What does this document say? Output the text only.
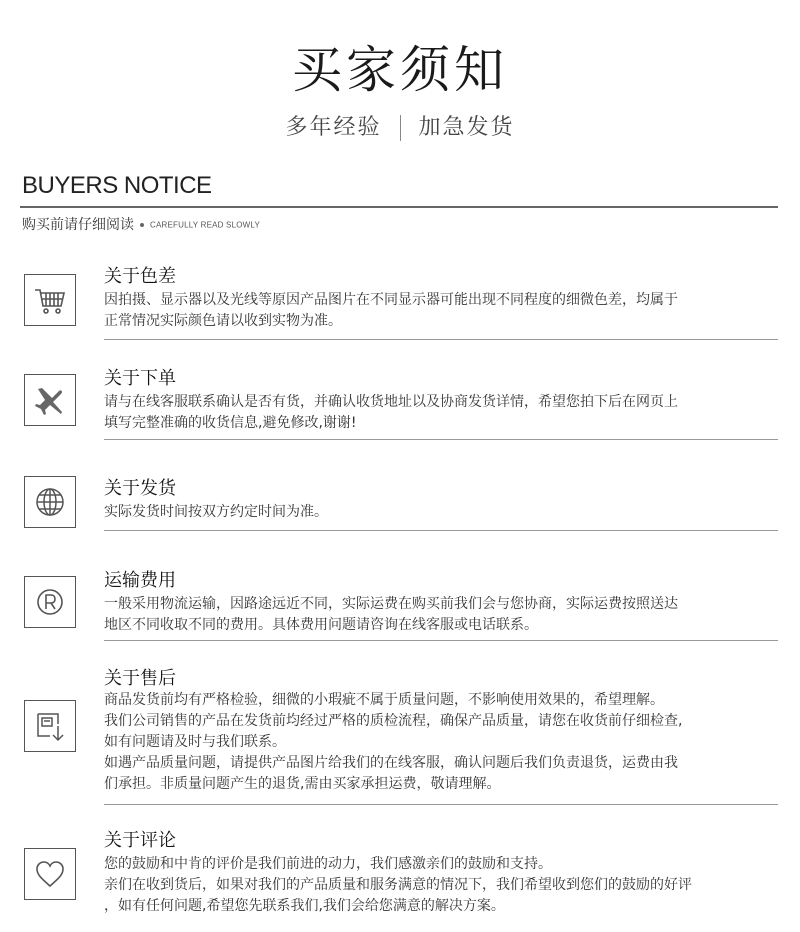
买家须知
多年经验 加急发货
BUYERS NOTICE
购买前请仔细阅读 CAREFULLY READ SLOWLY
关于色差
因拍摄、显示器以及光线等原因产品图片在不同显示器可能出现不同程度的细微色差，均属于
正常情况实际颜色请以收到实物为准。
关于下单
请与在线客服联系确认是否有货，并确认收货地址以及协商发货详情，希望您拍下后在网页上
填写完整准确的收货信息,避免修改,谢谢!
关于发货
实际发货时间按双方约定时间为准。
运输费用
一般采用物流运输，因路途远近不同，实际运费在购买前我们会与您协商，实际运费按照送达
地区不同收取不同的费用。具体费用问题请咨询在线客服或电话联系。
关于售后
商品发货前均有严格检验，细微的小瑕疵不属于质量问题，不影响使用效果的，希望理解。
我们公司销售的产品在发货前均经过严格的质检流程，确保产品质量，请您在收货前仔细检查,
如有问题请及时与我们联系。
如遇产品质量问题，请提供产品图片给我们的在线客服，确认问题后我们负责退货，运费由我
们承担。非质量问题产生的退货,需由买家承担运费，敬请理解。
关于评论
您的鼓励和中肯的评价是我们前进的动力，我们感激亲们的鼓励和支持。
亲们在收到货后，如果对我们的产品质量和服务满意的情况下，我们希望收到您们的鼓励的好评
，如有任何问题,希望您先联系我们,我们会给您满意的解决方案。
